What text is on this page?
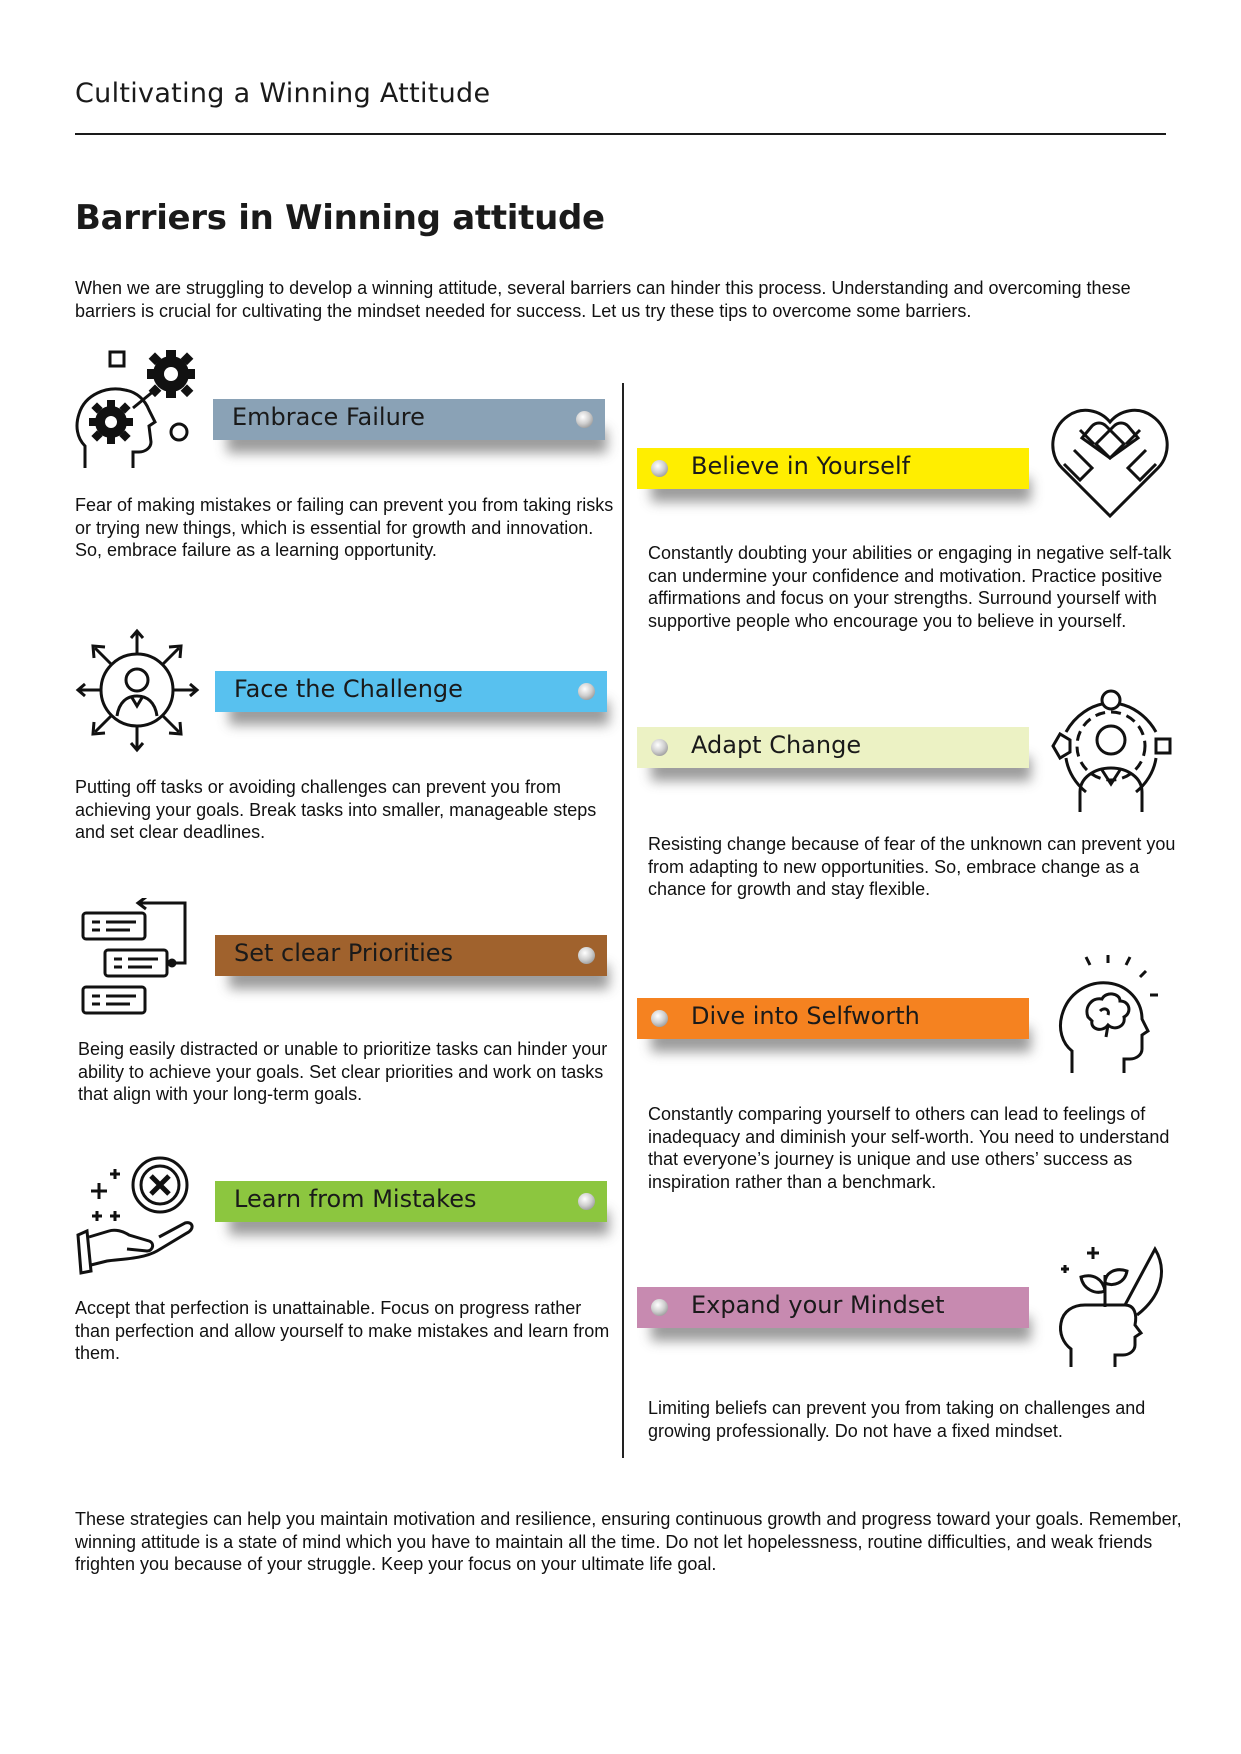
Cultivating a Winning Attitude
Barriers in Winning attitude
When we are struggling to develop a winning attitude, several barriers can hinder this process. Understanding and overcoming these barriers is crucial for cultivating the mindset needed for success. Let us try these tips to overcome some barriers.
Embrace Failure
Fear of making mistakes or failing can prevent you from taking risks or trying new things, which is essential for growth and innovation. So, embrace failure as a learning opportunity.
Face the Challenge
Putting off tasks or avoiding challenges can prevent you from achieving your goals. Break tasks into smaller, manageable steps and set clear deadlines.
Set clear Priorities
Being easily distracted or unable to prioritize tasks can hinder your ability to achieve your goals. Set clear priorities and work on tasks that align with your long-term goals.
Learn from Mistakes
Accept that perfection is unattainable. Focus on progress rather than perfection and allow yourself to make mistakes and learn from them.
Believe in Yourself
Constantly doubting your abilities or engaging in negative self-talk can undermine your confidence and motivation. Practice positive affirmations and focus on your strengths. Surround yourself with supportive people who encourage you to believe in yourself.
Adapt Change
Resisting change because of fear of the unknown can prevent you from adapting to new opportunities. So, embrace change as a chance for growth and stay flexible.
Dive into Selfworth
Constantly comparing yourself to others can lead to feelings of inadequacy and diminish your self-worth. You need to understand that everyone’s journey is unique and use others’ success as inspiration rather than a benchmark.
Expand your Mindset
Limiting beliefs can prevent you from taking on challenges and growing professionally. Do not have a fixed mindset.
These strategies can help you maintain motivation and resilience, ensuring continuous growth and progress toward your goals. Remember, winning attitude is a state of mind which you have to maintain all the time. Do not let hopelessness, routine difficulties, and weak friends frighten you because of your struggle. Keep your focus on your ultimate life goal.
